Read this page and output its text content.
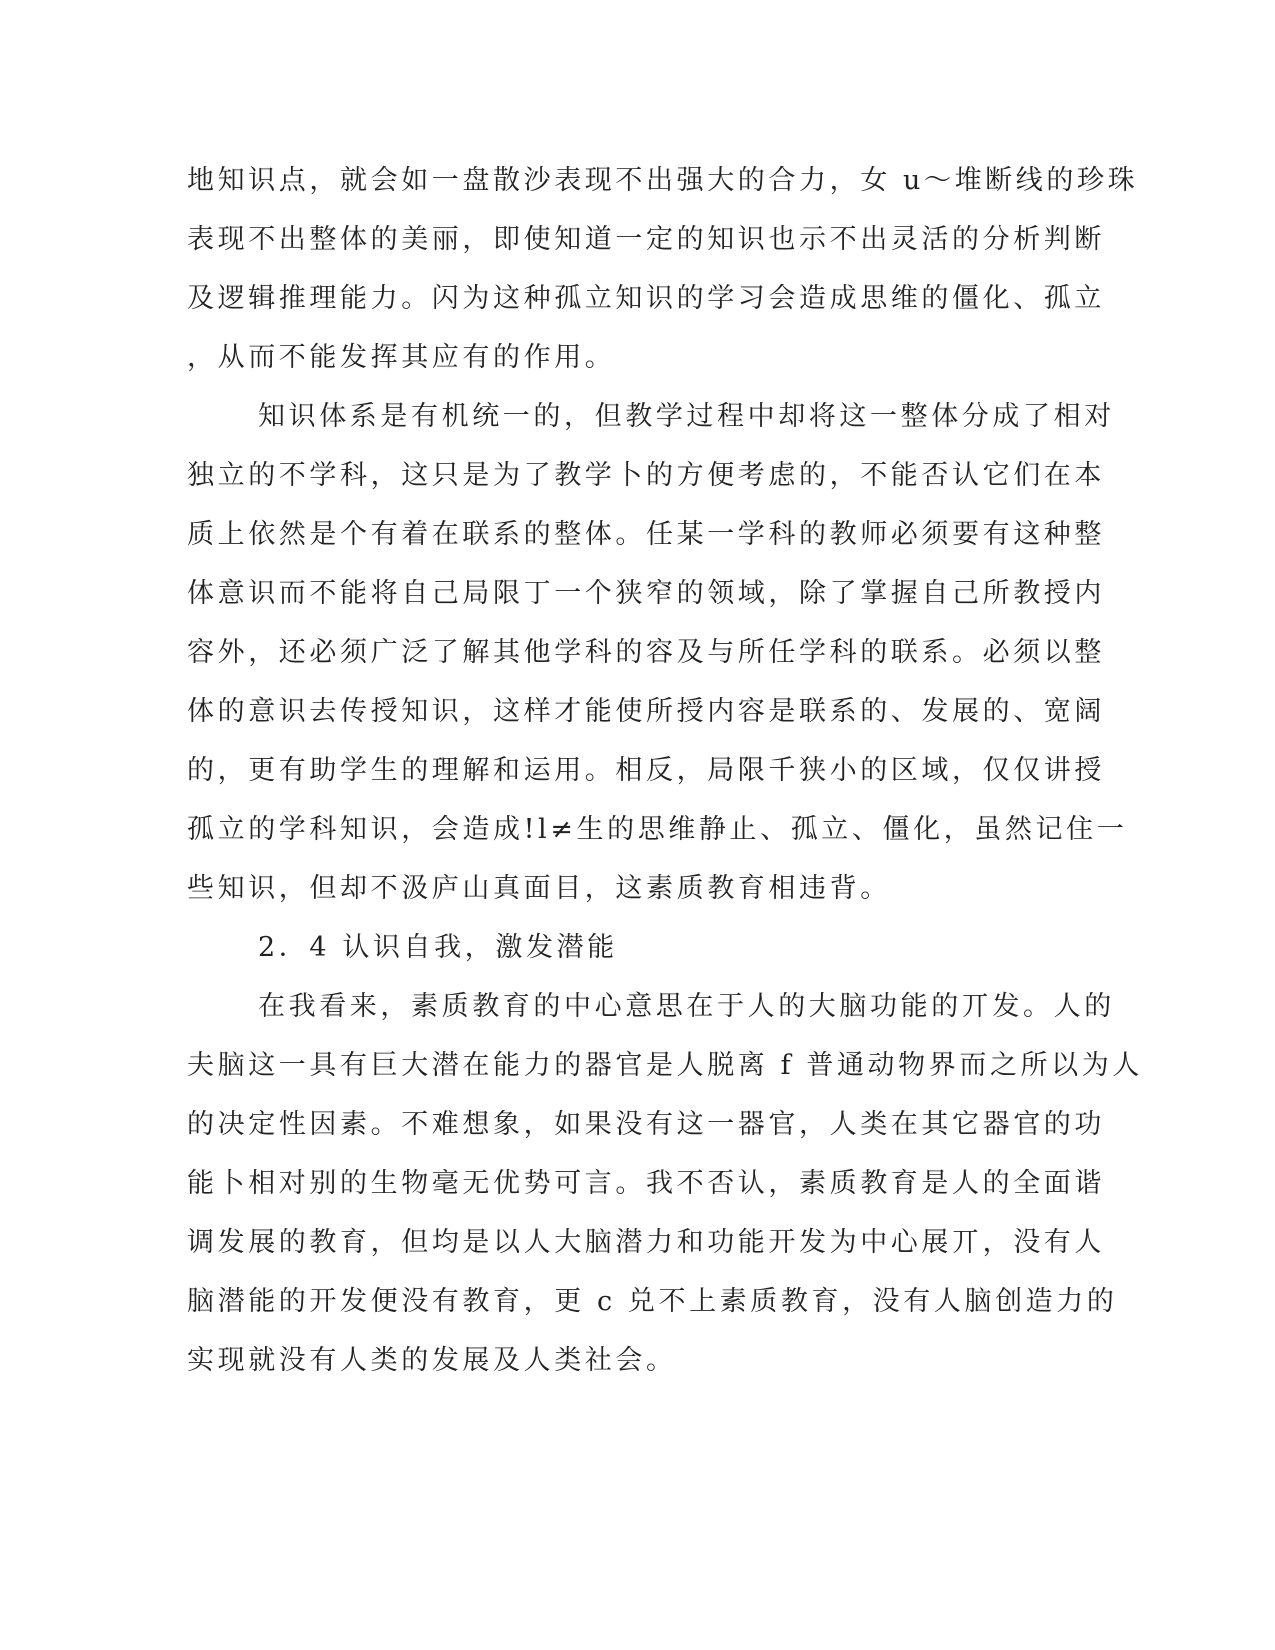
地知识点，就会如一盘散沙表现不出强大的合力，女 u～堆断线的珍珠

表现不出整体的美丽，即使知道一定的知识也示不出灵活的分析判断

及逻辑推理能力。闪为这种孤立知识的学习会造成思维的僵化、孤立

，从而不能发挥其应有的作用。

知识体系是有机统一的，但教学过程中却将这一整体分成了相对

独立的不学科，这只是为了教学卜的方便考虑的，不能否认它们在本

质上依然是个有着在联系的整体。任某一学科的教师必须要有这种整

体意识而不能将自己局限丁一个狭窄的领域，除了掌握自己所教授内

容外，还必须广泛了解其他学科的容及与所任学科的联系。必须以整

体的意识去传授知识，这样才能使所授内容是联系的、发展的、宽阔

的，更有助学生的理解和运用。相反，局限千狭小的区域，仅仅讲授

孤立的学科知识，会造成!l≠生的思维静止、孤立、僵化，虽然记住一

些知识，但却不汲庐山真面目，这素质教育相违背。

2．4 认识自我，激发潜能

在我看来，素质教育的中心意思在于人的大脑功能的丌发。人的

夫脑这一具有巨大潜在能力的器官是人脱离 f 普通动物界而之所以为人

的决定性因素。不难想象，如果没有这一器官，人类在其它器官的功

能卜相对别的生物毫无优势可言。我不否认，素质教育是人的全面谐

调发展的教育，但均是以人大脑潜力和功能开发为中心展丌，没有人

脑潜能的开发便没有教育，更 c 兑不上素质教育，没有人脑创造力的

实现就没有人类的发展及人类社会。
